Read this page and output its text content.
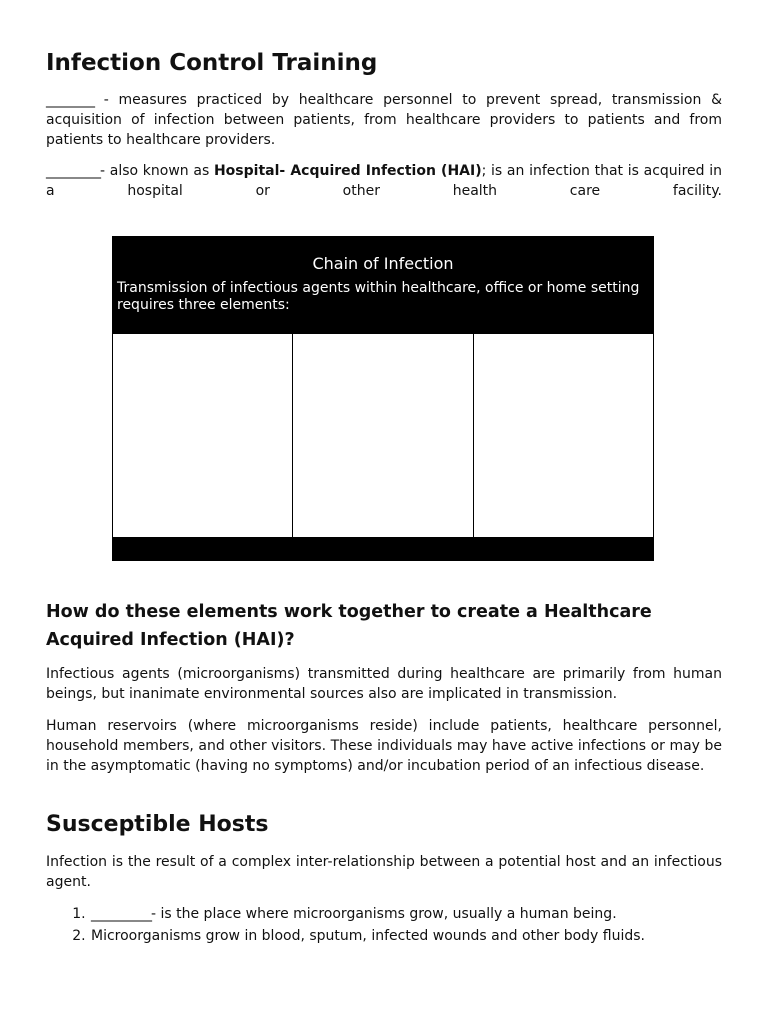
Infection Control Training

________ - measures practiced by healthcare personnel to prevent spread, transmission & acquisition of infection between patients, from healthcare providers to patients and from patients to healthcare providers.

_________- also known as Hospital- Acquired Infection (HAI); is an infection that is acquired in a hospital or other health care facility.

Chain of Infection
Transmission of infectious agents within healthcare, office or home setting requires three elements:
How do these elements work together to create a Healthcare Acquired Infection (HAI)?

Infectious agents (microorganisms) transmitted during healthcare are primarily from human beings, but inanimate environmental sources also are implicated in transmission.

Human reservoirs (where microorganisms reside) include patients, healthcare personnel, household members, and other visitors. These individuals may have active infections or may be in the asymptomatic (having no symptoms) and/or incubation period of an infectious disease.

Susceptible Hosts

Infection is the result of a complex inter-relationship between a potential host and an infectious agent.

1. __________- is the place where microorganisms grow, usually a human being.
2. Microorganisms grow in blood, sputum, infected wounds and other body fluids.
